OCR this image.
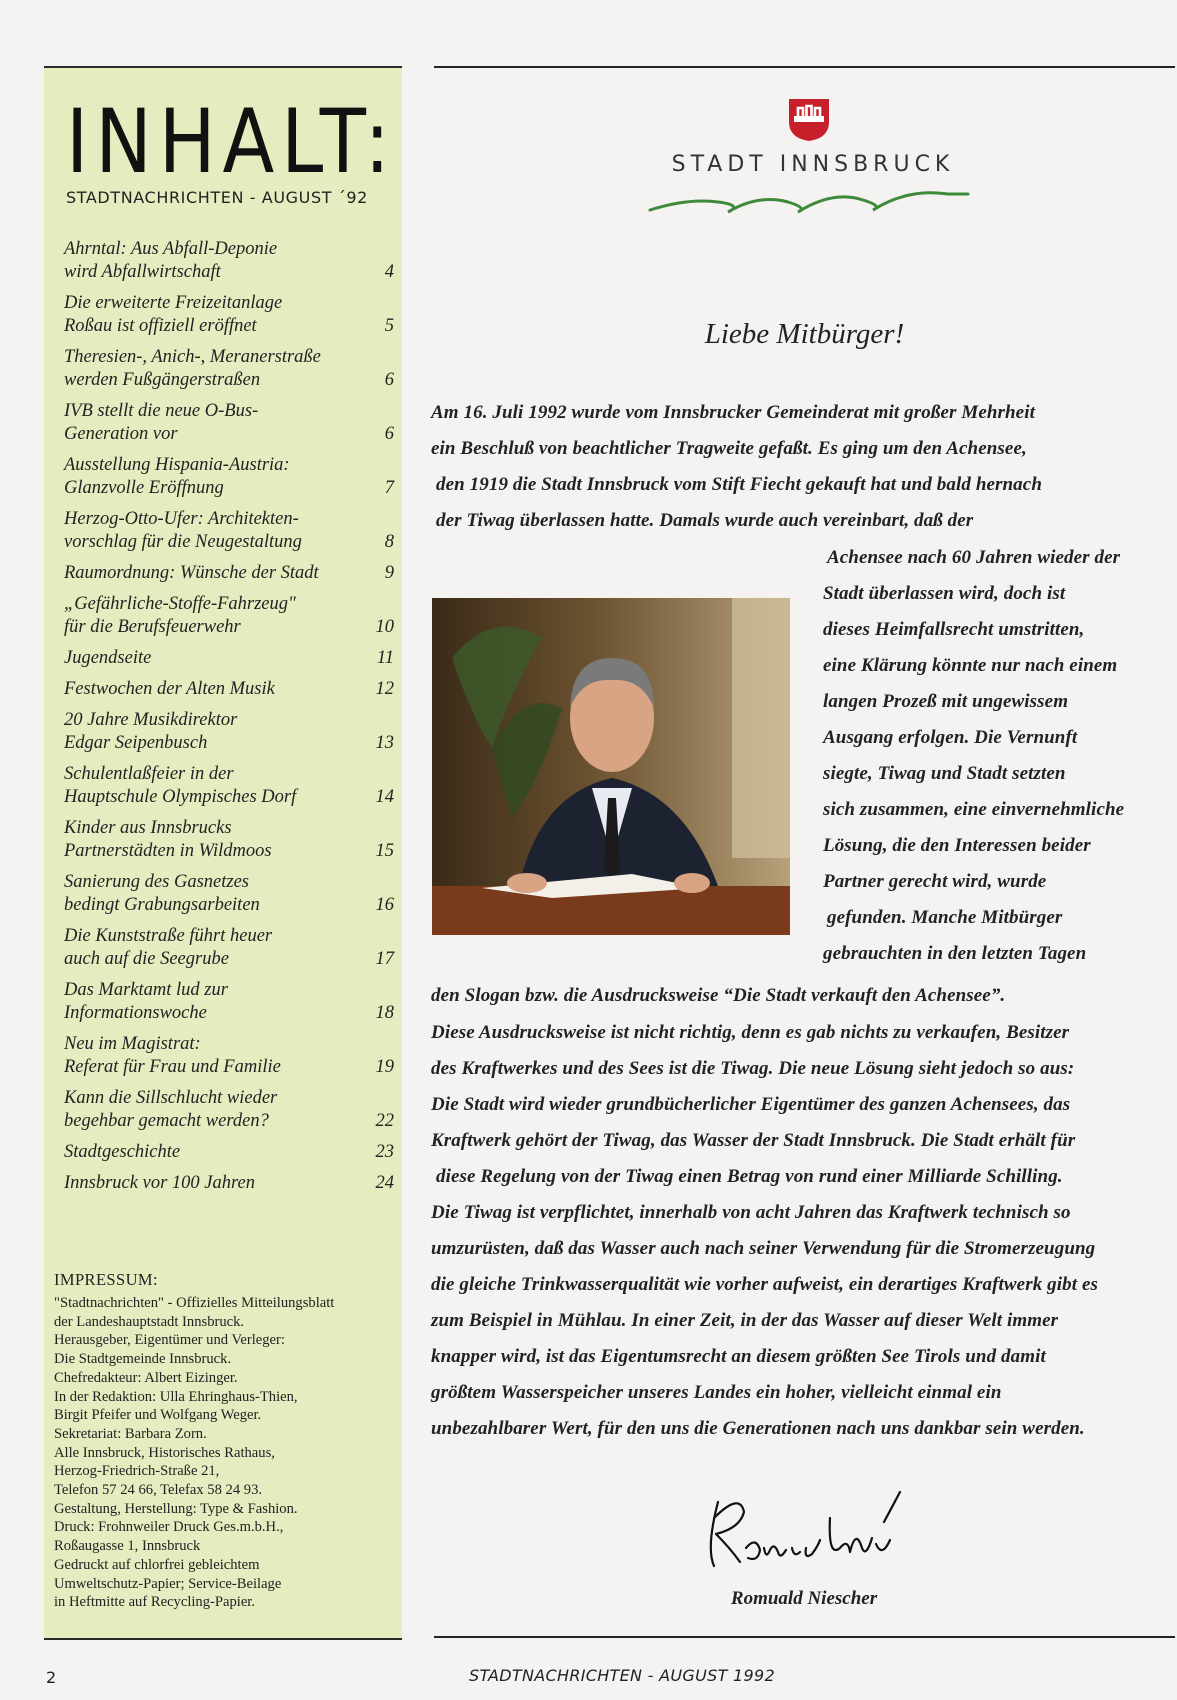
INHALT:
STADTNACHRICHTEN - AUGUST ´92
Ahrntal: Aus Abfall-Deponie
wird Abfallwirtschaft	4
Die erweiterte Freizeitanlage
Roßau ist offiziell eröffnet	5
Theresien-, Anich-, Meranerstraße
werden Fußgängerstraßen	6
IVB stellt die neue O-Bus-
Generation vor	6
Ausstellung Hispania-Austria:
Glanzvolle Eröffnung	7
Herzog-Otto-Ufer: Architekten-
vorschlag für die Neugestaltung	8
Raumordnung: Wünsche der Stadt	9
„Gefährliche-Stoffe-Fahrzeug"
für die Berufsfeuerwehr	10
Jugendseite	11
Festwochen der Alten Musik	12
20 Jahre Musikdirektor
Edgar Seipenbusch	13
Schulentlaßfeier in der
Hauptschule Olympisches Dorf	14
Kinder aus Innsbrucks
Partnerstädten in Wildmoos	15
Sanierung des Gasnetzes
bedingt Grabungsarbeiten	16
Die Kunststraße führt heuer
auch auf die Seegrube	17
Das Marktamt lud zur
Informationswoche	18
Neu im Magistrat:
Referat für Frau und Familie	19
Kann die Sillschlucht wieder
begehbar gemacht werden?	22
Stadtgeschichte	23
Innsbruck vor 100 Jahren	24
IMPRESSUM:
"Stadtnachrichten" - Offizielles Mitteilungsblatt
der Landeshauptstadt Innsbruck.
Herausgeber, Eigentümer und Verleger:
Die Stadtgemeinde Innsbruck.
Chefredakteur: Albert Eizinger.
In der Redaktion: Ulla Ehringhaus-Thien,
Birgit Pfeifer und Wolfgang Weger.
Sekretariat: Barbara Zorn.
Alle Innsbruck, Historisches Rathaus,
Herzog-Friedrich-Straße 21,
Telefon 57 24 66, Telefax 58 24 93.
Gestaltung, Herstellung: Type & Fashion.
Druck: Frohnweiler Druck Ges.m.b.H.,
Roßaugasse 1, Innsbruck
Gedruckt auf chlorfrei gebleichtem
Umweltschutz-Papier; Service-Beilage
in Heftmitte auf Recycling-Papier.
STADT INNSBRUCK
Liebe Mitbürger!
Am 16. Juli 1992 wurde vom Innsbrucker Gemeinderat mit großer Mehrheit
ein Beschluß von beachtlicher Tragweite gefaßt. Es ging um den Achensee,
den 1919 die Stadt Innsbruck vom Stift Fiecht gekauft hat und bald hernach
der Tiwag überlassen hatte. Damals wurde auch vereinbart, daß der
Achensee nach 60 Jahren wieder der
Stadt überlassen wird, doch ist
dieses Heimfallsrecht umstritten,
eine Klärung könnte nur nach einem
langen Prozeß mit ungewissem
Ausgang erfolgen. Die Vernunft
siegte, Tiwag und Stadt setzten
sich zusammen, eine einvernehmliche
Lösung, die den Interessen beider
Partner gerecht wird, wurde
gefunden. Manche Mitbürger
gebrauchten in den letzten Tagen
den Slogan bzw. die Ausdrucksweise “Die Stadt verkauft den Achensee”.
Diese Ausdrucksweise ist nicht richtig, denn es gab nichts zu verkaufen, Besitzer
des Kraftwerkes und des Sees ist die Tiwag. Die neue Lösung sieht jedoch so aus:
Die Stadt wird wieder grundbücherlicher Eigentümer des ganzen Achensees, das
Kraftwerk gehört der Tiwag, das Wasser der Stadt Innsbruck. Die Stadt erhält für
diese Regelung von der Tiwag einen Betrag von rund einer Milliarde Schilling.
Die Tiwag ist verpflichtet, innerhalb von acht Jahren das Kraftwerk technisch so
umzurüsten, daß das Wasser auch nach seiner Verwendung für die Stromerzeugung
die gleiche Trinkwasserqualität wie vorher aufweist, ein derartiges Kraftwerk gibt es
zum Beispiel in Mühlau. In einer Zeit, in der das Wasser auf dieser Welt immer
knapper wird, ist das Eigentumsrecht an diesem größten See Tirols und damit
größtem Wasserspeicher unseres Landes ein hoher, vielleicht einmal ein
unbezahlbarer Wert, für den uns die Generationen nach uns dankbar sein werden.
Romuald Niescher
2	STADTNACHRICHTEN - AUGUST 1992
